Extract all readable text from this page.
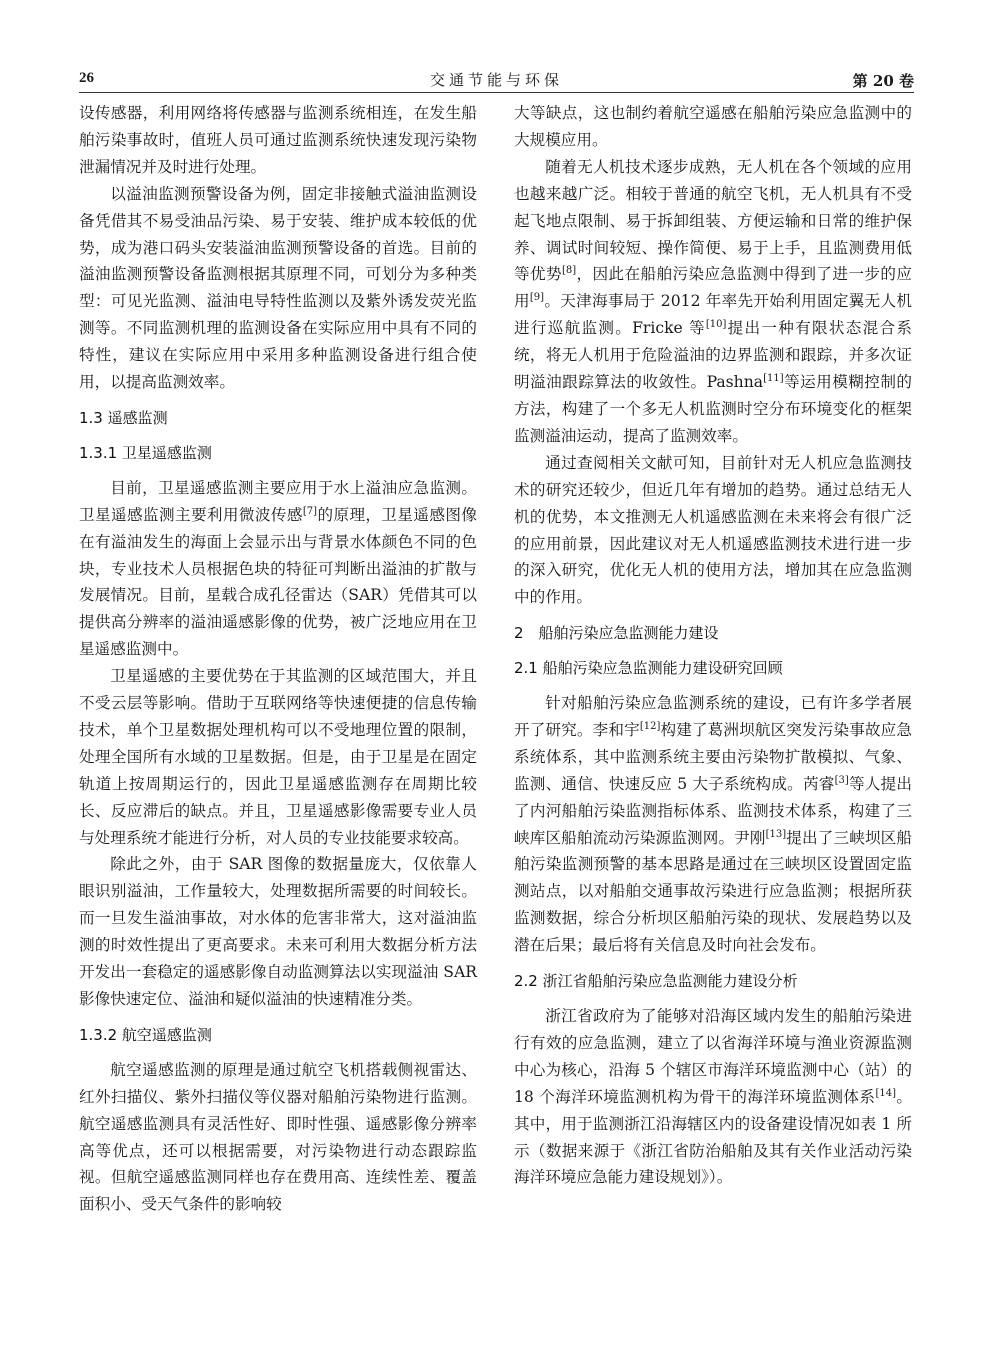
26	交通节能与环保	第 20 卷

设传感器，利用网络将传感器与监测系统相连，在发生船舶污染事故时，值班人员可通过监测系统快速发现污染物泄漏情况并及时进行处理。

以溢油监测预警设备为例，固定非接触式溢油监测设备凭借其不易受油品污染、易于安装、维护成本较低的优势，成为港口码头安装溢油监测预警设备的首选。目前的溢油监测预警设备监测根据其原理不同，可划分为多种类型：可见光监测、溢油电导特性监测以及紫外诱发荧光监测等。不同监测机理的监测设备在实际应用中具有不同的特性，建议在实际应用中采用多种监测设备进行组合使用，以提高监测效率。

1.3 遥感监测

1.3.1 卫星遥感监测

目前，卫星遥感监测主要应用于水上溢油应急监测。卫星遥感监测主要利用微波传感[7]的原理，卫星遥感图像在有溢油发生的海面上会显示出与背景水体颜色不同的色块，专业技术人员根据色块的特征可判断出溢油的扩散与发展情况。目前，星载合成孔径雷达（SAR）凭借其可以提供高分辨率的溢油遥感影像的优势，被广泛地应用在卫星遥感监测中。

卫星遥感的主要优势在于其监测的区域范围大，并且不受云层等影响。借助于互联网络等快速便捷的信息传输技术，单个卫星数据处理机构可以不受地理位置的限制，处理全国所有水域的卫星数据。但是，由于卫星是在固定轨道上按周期运行的，因此卫星遥感监测存在周期比较长、反应滞后的缺点。并且，卫星遥感影像需要专业人员与处理系统才能进行分析，对人员的专业技能要求较高。

除此之外，由于 SAR 图像的数据量庞大，仅依靠人眼识别溢油，工作量较大，处理数据所需要的时间较长。而一旦发生溢油事故，对水体的危害非常大，这对溢油监测的时效性提出了更高要求。未来可利用大数据分析方法开发出一套稳定的遥感影像自动监测算法以实现溢油 SAR 影像快速定位、溢油和疑似溢油的快速精准分类。

1.3.2 航空遥感监测

航空遥感监测的原理是通过航空飞机搭载侧视雷达、红外扫描仪、紫外扫描仪等仪器对船舶污染物进行监测。航空遥感监测具有灵活性好、即时性强、遥感影像分辨率高等优点，还可以根据需要，对污染物进行动态跟踪监视。但航空遥感监测同样也存在费用高、连续性差、覆盖面积小、受天气条件的影响较

大等缺点，这也制约着航空遥感在船舶污染应急监测中的大规模应用。

随着无人机技术逐步成熟，无人机在各个领域的应用也越来越广泛。相较于普通的航空飞机，无人机具有不受起飞地点限制、易于拆卸组装、方便运输和日常的维护保养、调试时间较短、操作简便、易于上手，且监测费用低等优势[8]，因此在船舶污染应急监测中得到了进一步的应用[9]。天津海事局于 2012 年率先开始利用固定翼无人机进行巡航监测。Fricke 等[10]提出一种有限状态混合系统，将无人机用于危险溢油的边界监测和跟踪，并多次证明溢油跟踪算法的收敛性。Pashna[11]等运用模糊控制的方法，构建了一个多无人机监测时空分布环境变化的框架监测溢油运动，提高了监测效率。

通过查阅相关文献可知，目前针对无人机应急监测技术的研究还较少，但近几年有增加的趋势。通过总结无人机的优势，本文推测无人机遥感监测在未来将会有很广泛的应用前景，因此建议对无人机遥感监测技术进行进一步的深入研究，优化无人机的使用方法，增加其在应急监测中的作用。

2　船舶污染应急监测能力建设

2.1 船舶污染应急监测能力建设研究回顾

针对船舶污染应急监测系统的建设，已有许多学者展开了研究。李和宇[12]构建了葛洲坝航区突发污染事故应急系统体系，其中监测系统主要由污染物扩散模拟、气象、监测、通信、快速反应 5 大子系统构成。芮睿[3]等人提出了内河船舶污染监测指标体系、监测技术体系，构建了三峡库区船舶流动污染源监测网。尹刚[13]提出了三峡坝区船舶污染监测预警的基本思路是通过在三峡坝区设置固定监测站点，以对船舶交通事故污染进行应急监测；根据所获监测数据，综合分析坝区船舶污染的现状、发展趋势以及潜在后果；最后将有关信息及时向社会发布。

2.2 浙江省船舶污染应急监测能力建设分析

浙江省政府为了能够对沿海区域内发生的船舶污染进行有效的应急监测，建立了以省海洋环境与渔业资源监测中心为核心，沿海 5 个辖区市海洋环境监测中心（站）的 18 个海洋环境监测机构为骨干的海洋环境监测体系[14]。其中，用于监测浙江沿海辖区内的设备建设情况如表 1 所示（数据来源于《浙江省防治船舶及其有关作业活动污染海洋环境应急能力建设规划》）。
